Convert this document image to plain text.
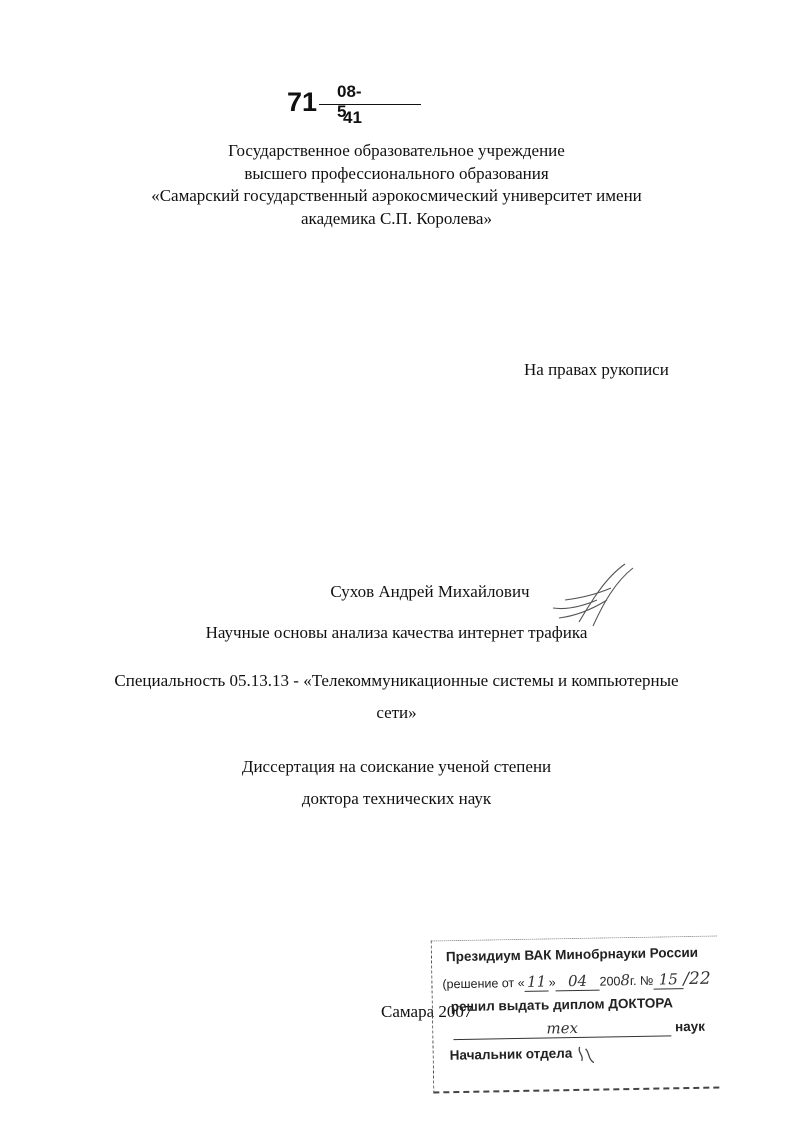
71 08-5
41
Государственное образовательное учреждение
высшего профессионального образования
«Самарский государственный аэрокосмический университет имени
академика С.П. Королева»
На правах рукописи
Сухов Андрей Михайлович
Научные основы анализа качества интернет трафика
Специальность 05.13.13 - «Телекоммуникационные системы и компьютерные
сети»
Диссертация на соискание ученой степени
доктора технических наук
Самара 2007
Президиум ВАК Минобрнауки России
(решение от « 11 » 04 2008г. № 15 /22
решил выдать диплом ДОКТОРА
тех	наук
Начальник отдела
